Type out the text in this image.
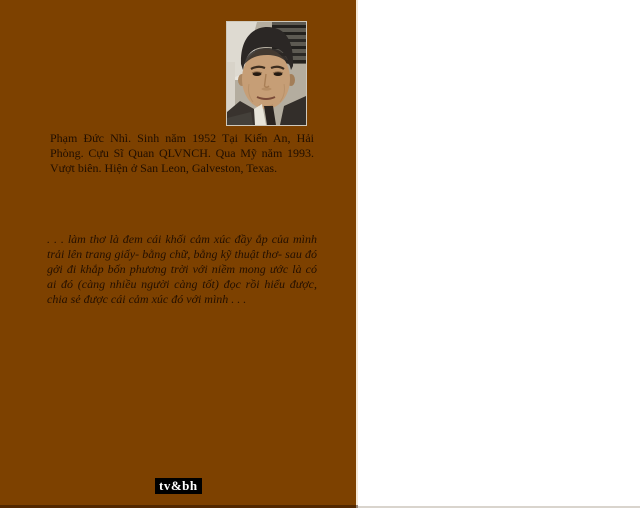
Phạm Đức Nhì. Sinh năm 1952 Tại Kiến An, Hải Phòng. Cựu Sĩ Quan QLVNCH. Qua Mỹ năm 1993. Vượt biên. Hiện ở San Leon, Galveston, Texas.

. . . làm thơ là đem cái khối cảm xúc đầy ắp của mình trải lên trang giấy- bằng chữ, bằng kỹ thuật thơ- sau đó gởi đi khắp bốn phương trời với niềm mong ước là có ai đó (càng nhiều người càng tốt) đọc rồi hiểu được, chia sẻ được cái cảm xúc đó với mình . . .

tv&bh
